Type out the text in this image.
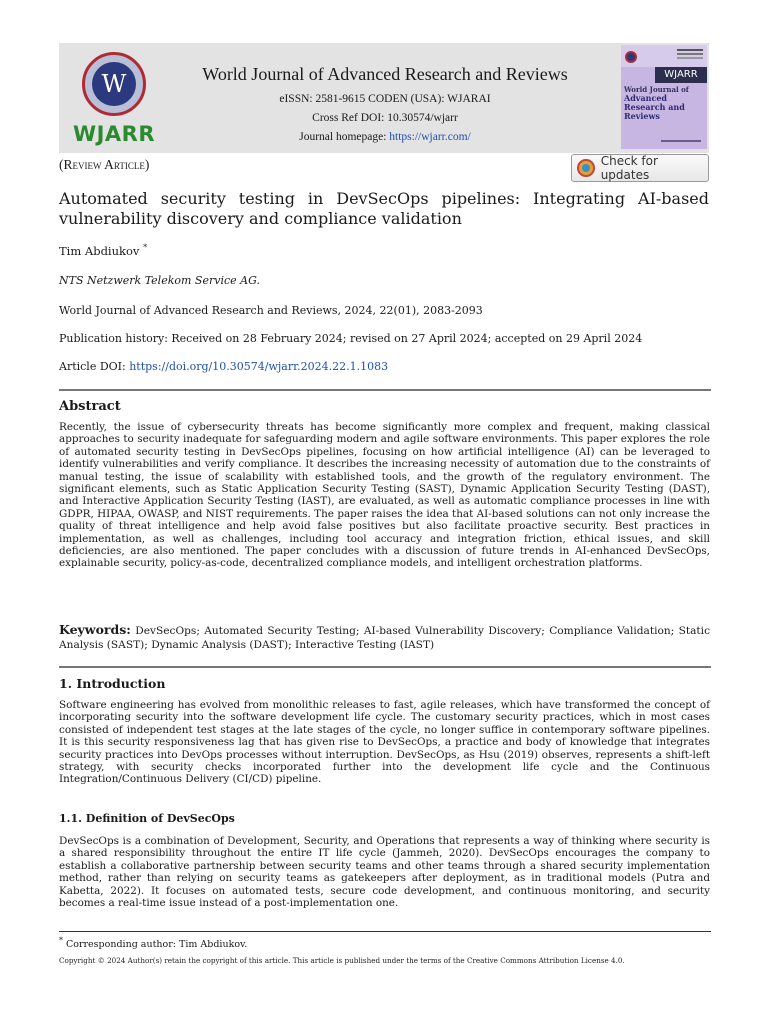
W
WJARR
World Journal of Advanced Research and Reviews
eISSN: 2581-9615 CODEN (USA): WJARAI
Cross Ref DOI: 10.30574/wjarr
Journal homepage: https://wjarr.com/
WJARR
World Journal of
Advanced
Research and
Reviews
(Review Article)	Check for updates
Automated security testing in DevSecOps pipelines: Integrating AI-based vulnerability discovery and compliance validation
Tim Abdiukov *
NTS Netzwerk Telekom Service AG.
World Journal of Advanced Research and Reviews, 2024, 22(01), 2083-2093
Publication history: Received on 28 February 2024; revised on 27 April 2024; accepted on 29 April 2024
Article DOI: https://doi.org/10.30574/wjarr.2024.22.1.1083
Abstract
Recently, the issue of cybersecurity threats has become significantly more complex and frequent, making classical approaches to security inadequate for safeguarding modern and agile software environments. This paper explores the role of automated security testing in DevSecOps pipelines, focusing on how artificial intelligence (AI) can be leveraged to identify vulnerabilities and verify compliance. It describes the increasing necessity of automation due to the constraints of manual testing, the issue of scalability with established tools, and the growth of the regulatory environment. The significant elements, such as Static Application Security Testing (SAST), Dynamic Application Security Testing (DAST), and Interactive Application Security Testing (IAST), are evaluated, as well as automatic compliance processes in line with GDPR, HIPAA, OWASP, and NIST requirements. The paper raises the idea that AI-based solutions can not only increase the quality of threat intelligence and help avoid false positives but also facilitate proactive security. Best practices in implementation, as well as challenges, including tool accuracy and integration friction, ethical issues, and skill deficiencies, are also mentioned. The paper concludes with a discussion of future trends in AI-enhanced DevSecOps, explainable security, policy-as-code, decentralized compliance models, and intelligent orchestration platforms.
Keywords: DevSecOps; Automated Security Testing; AI-based Vulnerability Discovery; Compliance Validation; Static Analysis (SAST); Dynamic Analysis (DAST); Interactive Testing (IAST)
1. Introduction
Software engineering has evolved from monolithic releases to fast, agile releases, which have transformed the concept of incorporating security into the software development life cycle. The customary security practices, which in most cases consisted of independent test stages at the late stages of the cycle, no longer suffice in contemporary software pipelines. It is this security responsiveness lag that has given rise to DevSecOps, a practice and body of knowledge that integrates security practices into DevOps processes without interruption. DevSecOps, as Hsu (2019) observes, represents a shift-left strategy, with security checks incorporated further into the development life cycle and the Continuous Integration/Continuous Delivery (CI/CD) pipeline.
1.1. Definition of DevSecOps
DevSecOps is a combination of Development, Security, and Operations that represents a way of thinking where security is a shared responsibility throughout the entire IT life cycle (Jammeh, 2020). DevSecOps encourages the company to establish a collaborative partnership between security teams and other teams through a shared security implementation method, rather than relying on security teams as gatekeepers after deployment, as in traditional models (Putra and Kabetta, 2022). It focuses on automated tests, secure code development, and continuous monitoring, and security becomes a real-time issue instead of a post-implementation one.
* Corresponding author: Tim Abdiukov.
Copyright © 2024 Author(s) retain the copyright of this article. This article is published under the terms of the Creative Commons Attribution License 4.0.
